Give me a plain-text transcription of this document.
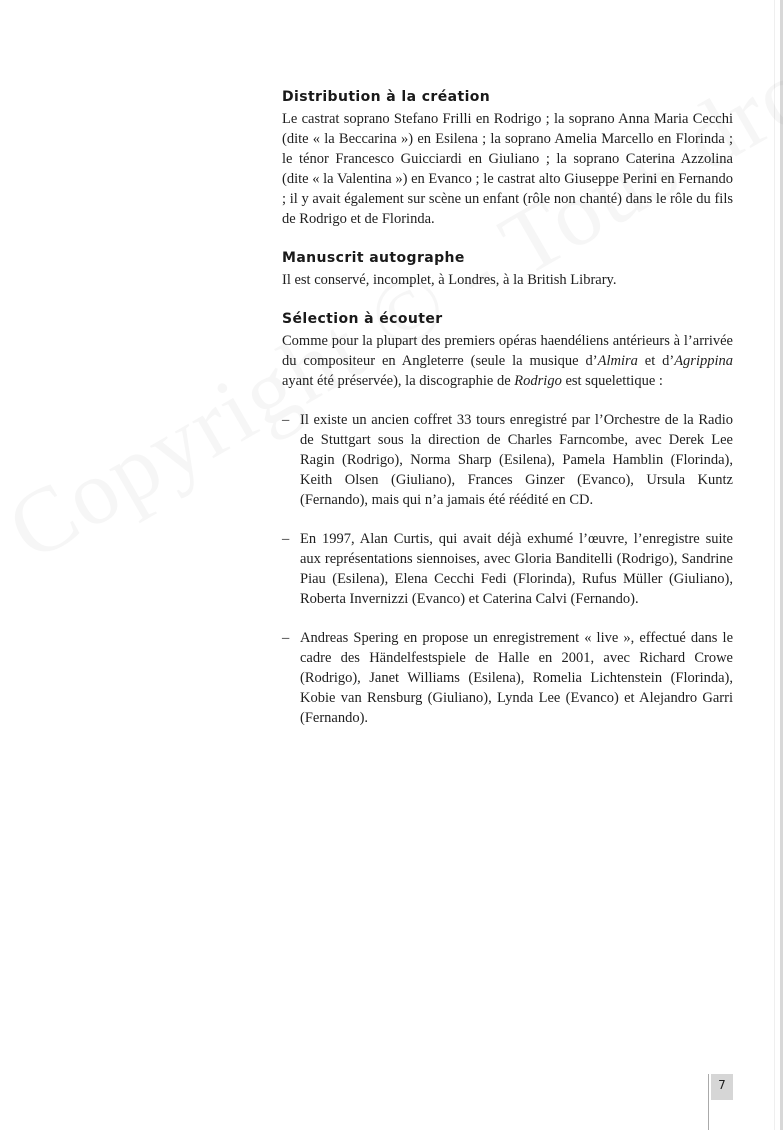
Distribution à la création

Le castrat soprano Stefano Frilli en Rodrigo ; la soprano Anna Maria Cecchi (dite « la Beccarina ») en Esilena ; la soprano Amelia Marcello en Florinda ; le ténor Francesco Guicciardi en Giuliano ; la soprano Caterina Azzolina (dite « la Valentina ») en Evanco ; le castrat alto Giuseppe Perini en Fernando ; il y avait également sur scène un enfant (rôle non chanté) dans le rôle du fils de Rodrigo et de Florinda.

Manuscrit autographe

Il est conservé, incomplet, à Londres, à la British Library.

Sélection à écouter

Comme pour la plupart des premiers opéras haendéliens antérieurs à l’arrivée du compositeur en Angleterre (seule la musique d’Almira et d’Agrippina ayant été préservée), la discographie de Rodrigo est squelettique :

– Il existe un ancien coffret 33 tours enregistré par l’Orchestre de la Radio de Stuttgart sous la direction de Charles Farncombe, avec Derek Lee Ragin (Rodrigo), Norma Sharp (Esilena), Pamela Hamblin (Florinda), Keith Olsen (Giuliano), Frances Ginzer (Evanco), Ursula Kuntz (Fernando), mais qui n’a jamais été réédité en CD.
– En 1997, Alan Curtis, qui avait déjà exhumé l’œuvre, l’enregistre suite aux représentations siennoises, avec Gloria Banditelli (Rodrigo), Sandrine Piau (Esilena), Elena Cecchi Fedi (Florinda), Rufus Müller (Giuliano), Roberta Invernizzi (Evanco) et Caterina Calvi (Fernando).
– Andreas Spering en propose un enregistrement « live », effectué dans le cadre des Händelfestspiele de Halle en 2001, avec Richard Crowe (Rodrigo), Janet Williams (Esilena), Romelia Lichtenstein (Florinda), Kobie van Rensburg (Giuliano), Lynda Lee (Evanco) et Alejandro Garri (Fernando).
7
